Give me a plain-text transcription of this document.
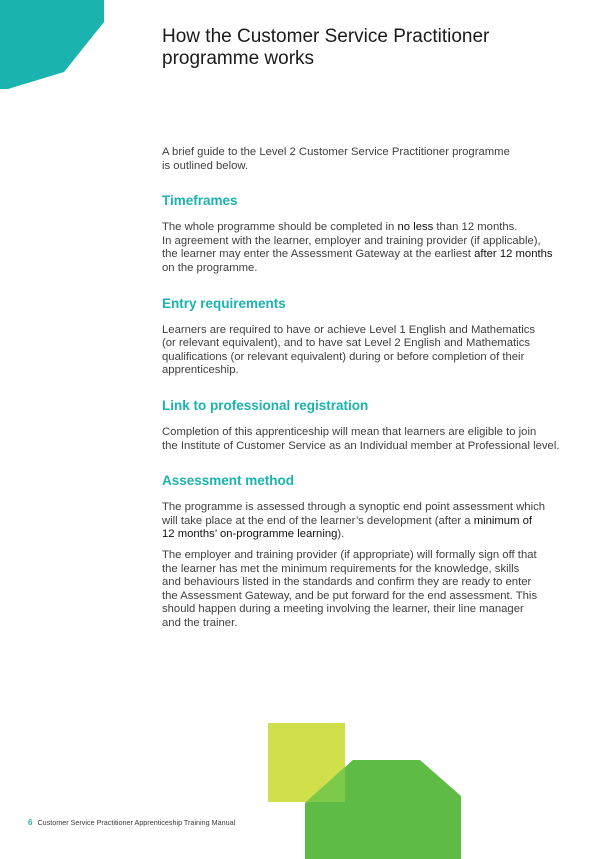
How the Customer Service Practitioner programme works

A brief guide to the Level 2 Customer Service Practitioner programme
is outlined below.

Timeframes

The whole programme should be completed in no less than 12 months.
In agreement with the learner, employer and training provider (if applicable),
the learner may enter the Assessment Gateway at the earliest after 12 months
on the programme.

Entry requirements

Learners are required to have or achieve Level 1 English and Mathematics
(or relevant equivalent), and to have sat Level 2 English and Mathematics
qualifications (or relevant equivalent) during or before completion of their
apprenticeship.

Link to professional registration

Completion of this apprenticeship will mean that learners are eligible to join
the Institute of Customer Service as an Individual member at Professional level.

Assessment method

The programme is assessed through a synoptic end point assessment which
will take place at the end of the learner’s development (after a minimum of
12 months’ on-programme learning).

The employer and training provider (if appropriate) will formally sign off that
the learner has met the minimum requirements for the knowledge, skills
and behaviours listed in the standards and confirm they are ready to enter
the Assessment Gateway, and be put forward for the end assessment. This
should happen during a meeting involving the learner, their line manager
and the trainer.

6 Customer Service Practitioner Apprenticeship Training Manual
